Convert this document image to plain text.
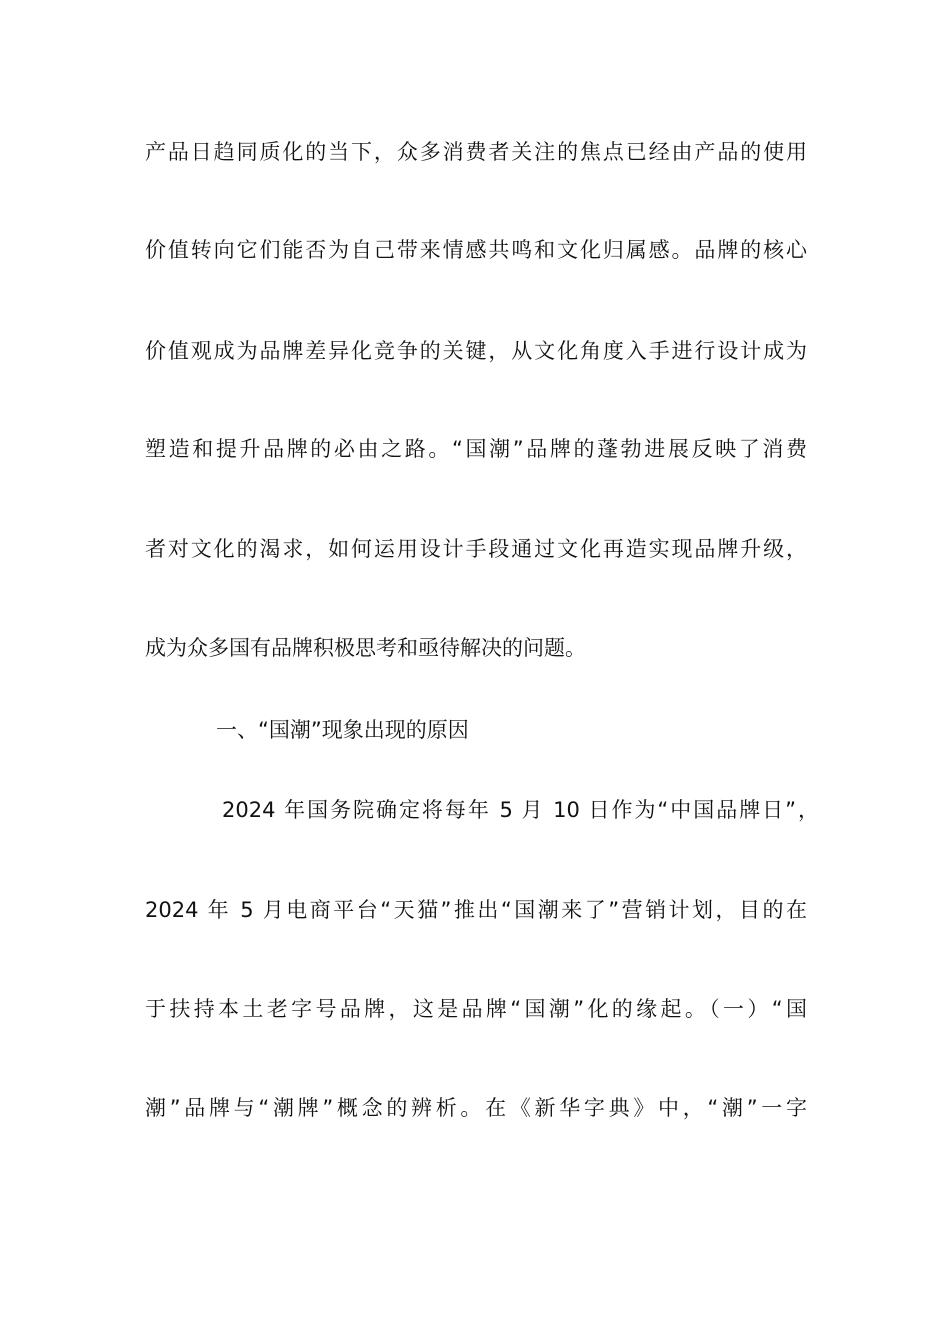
产品日趋同质化的当下，众多消费者关注的焦点已经由产品的使用
价值转向它们能否为自己带来情感共鸣和文化归属感。品牌的核心
价值观成为品牌差异化竞争的关键，从文化角度入手进行设计成为
塑造和提升品牌的必由之路。“国潮”品牌的蓬勃进展反映了消费
者对文化的渴求，如何运用设计手段通过文化再造实现品牌升级，
成为众多国有品牌积极思考和亟待解决的问题。
一、“国潮”现象出现的原因
2024 年国务院确定将每年 5 月 10 日作为“中国品牌日”，
2024 年 5 月电商平台“天猫”推出“国潮来了”营销计划，目的在
于扶持本土老字号品牌，这是品牌“国潮”化的缘起。（一）“国
潮”品牌与“潮牌”概念的辨析。在《新华字典》中，“潮”一字
